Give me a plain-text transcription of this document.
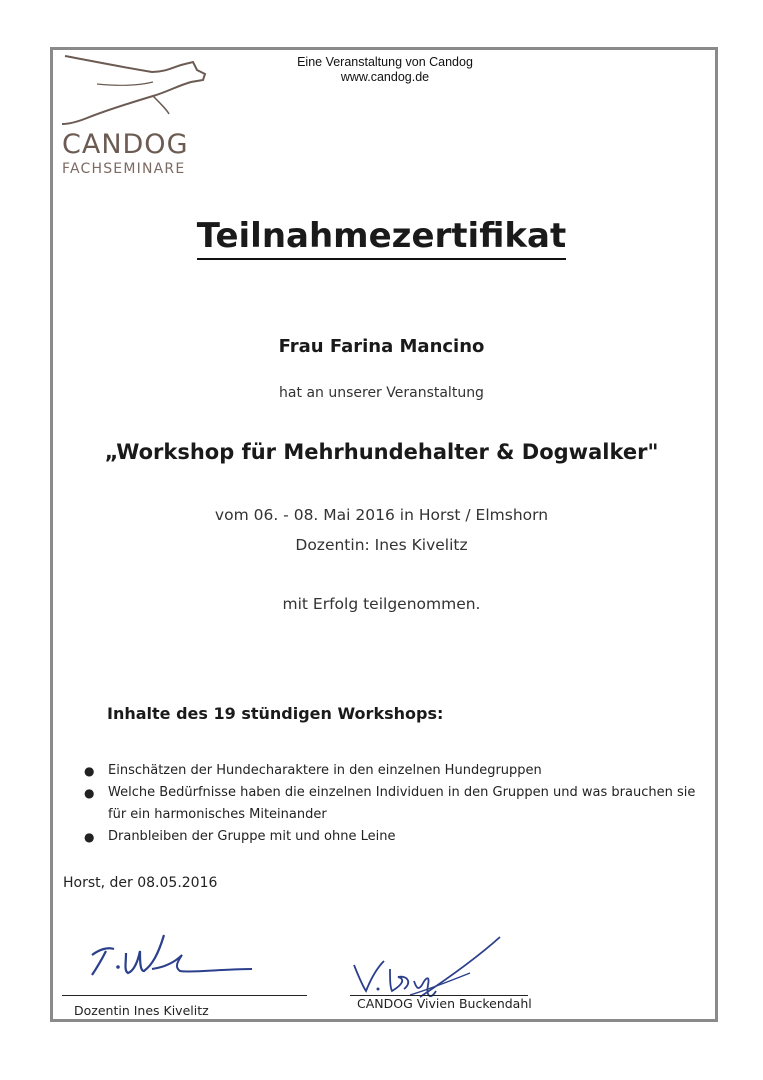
CANDOG
FACHSEMINARE
Eine Veranstaltung von Candog
www.candog.de
Teilnahmezertifikat
Frau Farina Mancino
hat an unserer Veranstaltung
„Workshop für Mehrhundehalter & Dogwalker"
vom 06. - 08. Mai 2016 in Horst / Elmshorn
Dozentin: Ines Kivelitz
mit Erfolg teilgenommen.
Inhalte des 19 stündigen Workshops:
● Einschätzen der Hundecharaktere in den einzelnen Hundegruppen
● Welche Bedürfnisse haben die einzelnen Individuen in den Gruppen und was brauchen sie für ein harmonisches Miteinander
● Dranbleiben der Gruppe mit und ohne Leine
Horst, der 08.05.2016
Dozentin Ines Kivelitz	CANDOG Vivien Buckendahl
